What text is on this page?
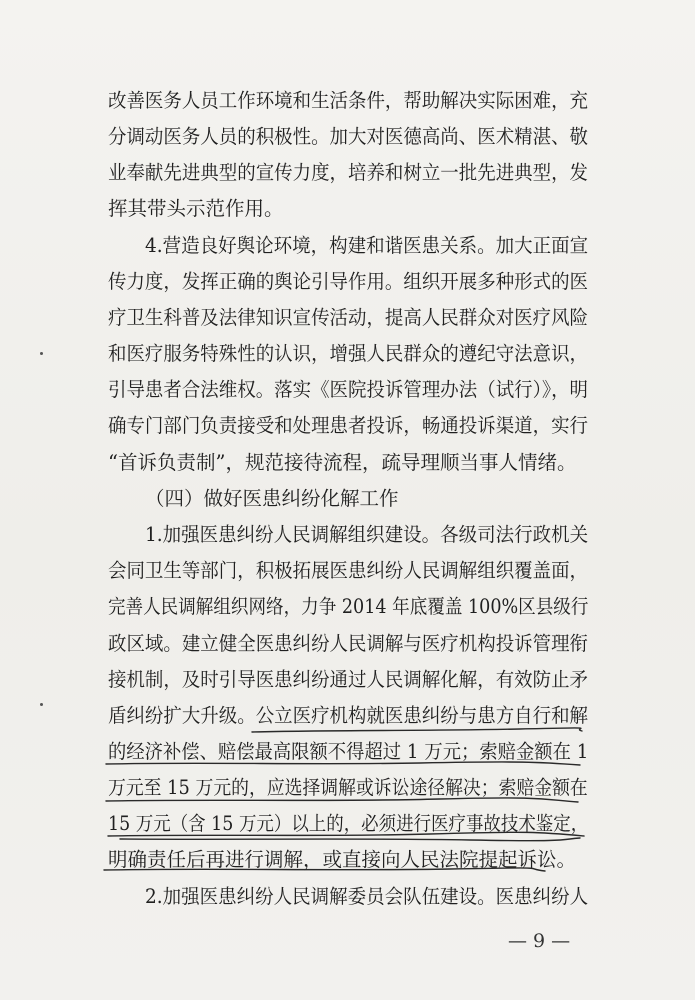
改善医务人员工作环境和生活条件，帮助解决实际困难，充
分调动医务人员的积极性。加大对医德高尚、医术精湛、敬
业奉献先进典型的宣传力度，培养和树立一批先进典型，发
挥其带头示范作用。
4.营造良好舆论环境，构建和谐医患关系。加大正面宣
传力度，发挥正确的舆论引导作用。组织开展多种形式的医
疗卫生科普及法律知识宣传活动，提高人民群众对医疗风险
和医疗服务特殊性的认识，增强人民群众的遵纪守法意识，
引导患者合法维权。落实《医院投诉管理办法（试行）》，明
确专门部门负责接受和处理患者投诉，畅通投诉渠道，实行
“首诉负责制”，规范接待流程，疏导理顺当事人情绪。
（四）做好医患纠纷化解工作
1.加强医患纠纷人民调解组织建设。各级司法行政机关
会同卫生等部门，积极拓展医患纠纷人民调解组织覆盖面，
完善人民调解组织网络，力争 2014 年底覆盖 100%区县级行
政区域。建立健全医患纠纷人民调解与医疗机构投诉管理衔
接机制，及时引导医患纠纷通过人民调解化解，有效防止矛
盾纠纷扩大升级。公立医疗机构就医患纠纷与患方自行和解
的经济补偿、赔偿最高限额不得超过 1 万元；索赔金额在 1
万元至 15 万元的，应选择调解或诉讼途径解决；索赔金额在
15 万元（含 15 万元）以上的，必须进行医疗事故技术鉴定，
明确责任后再进行调解，或直接向人民法院提起诉讼。
2.加强医患纠纷人民调解委员会队伍建设。医患纠纷人
— 9 —
